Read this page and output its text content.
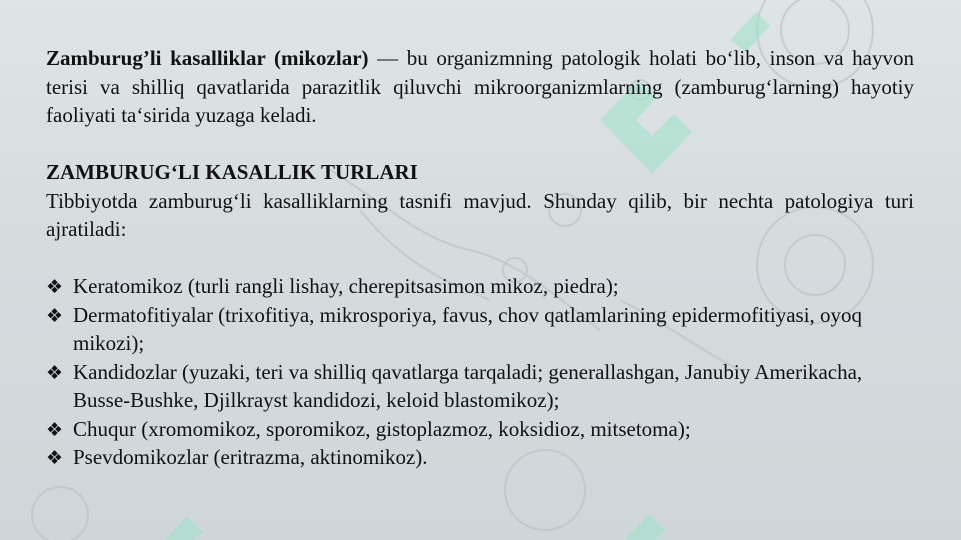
Zamburug’li kasalliklar (mikozlar) — bu organizmning patologik holati bo‘lib, inson va hayvon terisi va shilliq qavatlarida parazitlik qiluvchi mikroorganizmlarning (zamburug‘larning) hayotiy faoliyati ta‘sirida yuzaga keladi.

ZAMBURUG‘LI KASALLIK TURLARI

Tibbiyotda zamburug‘li kasalliklarning tasnifi mavjud. Shunday qilib, bir nechta patologiya turi ajratiladi:

❖ Keratomikoz (turli rangli lishay, cherepitsasimon mikoz, piedra);
❖ Dermatofitiyalar (trixofitiya, mikrosporiya, favus, chov qatlamlarining epidermofitiyasi, oyoq mikozi);
❖ Kandidozlar (yuzaki, teri va shilliq qavatlarga tarqaladi; generallashgan, Janubiy Amerikacha, Busse-Bushke, Djilkrayst kandidozi, keloid blastomikoz);
❖ Chuqur (xromomikoz, sporomikoz, gistoplazmoz, koksidioz, mitsetoma);
❖ Psevdomikozlar (eritrazma, aktinomikoz).
